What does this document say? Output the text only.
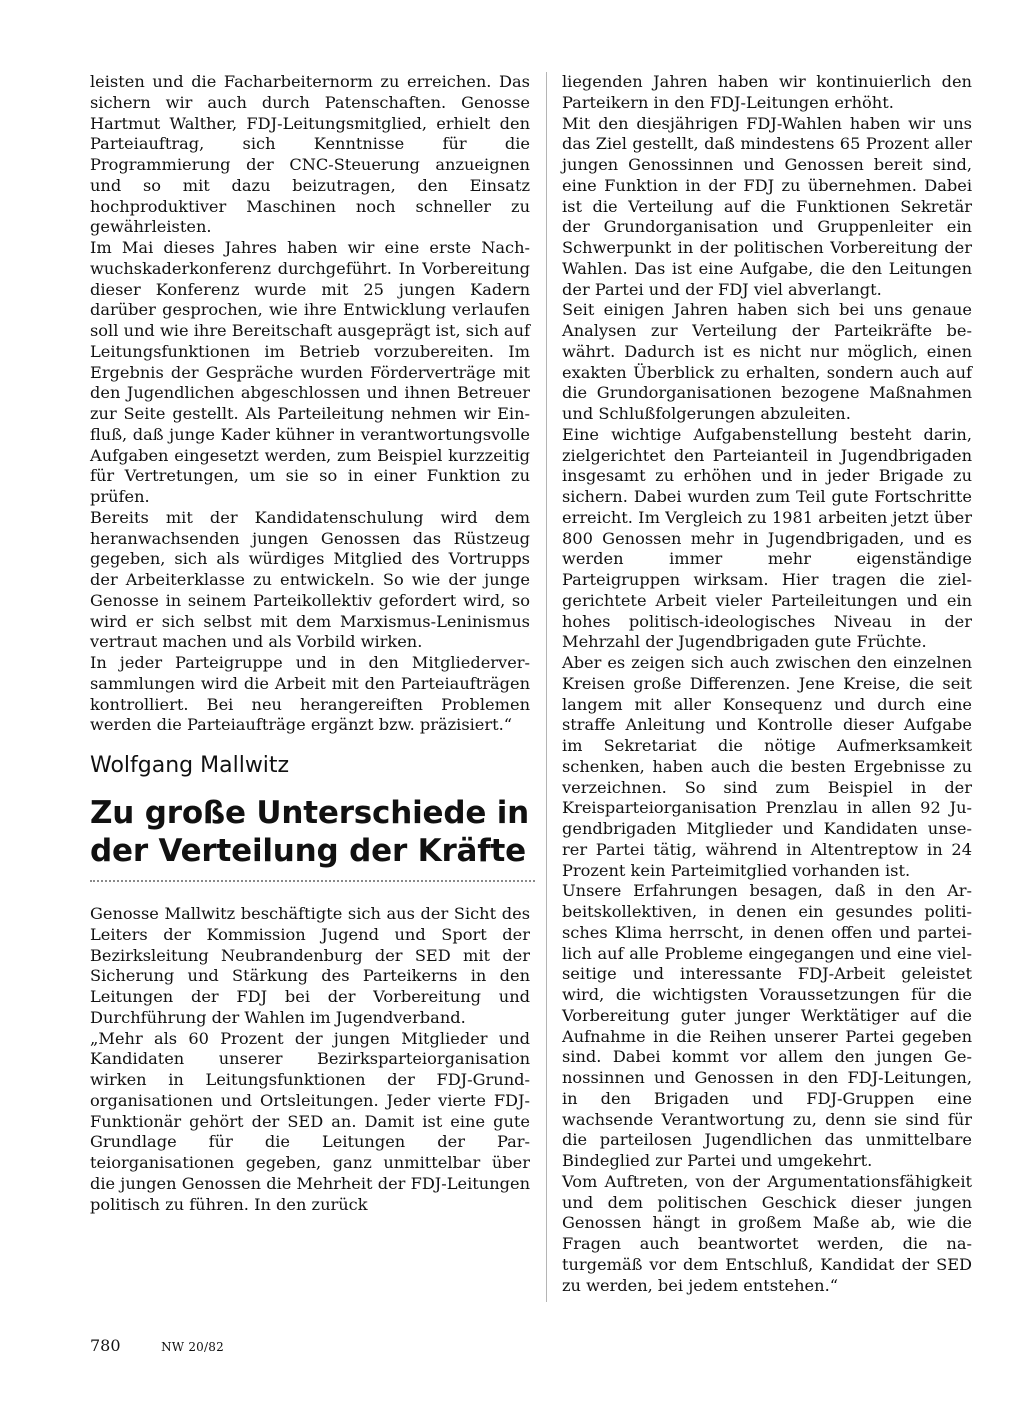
leisten und die Facharbeiternorm zu erreichen. Das sichern wir auch durch Patenschaften. Genosse Hartmut Walther, FDJ-Leitungsmitglied, erhielt den Parteiauftrag, sich Kenntnisse für die Programmierung der CNC-Steuerung anzueignen und so mit dazu beizutragen, den Einsatz hochproduktiver Maschinen noch schneller zu gewährleisten.

Im Mai dieses Jahres haben wir eine erste Nachwuchskaderkonferenz durchgeführt. In Vorbereitung dieser Konferenz wurde mit 25 jungen Kadern darüber gesprochen, wie ihre Entwicklung verlaufen soll und wie ihre Bereitschaft ausgeprägt ist, sich auf Leitungsfunktionen im Betrieb vorzubereiten. Im Ergebnis der Gespräche wurden Förderverträge mit den Jugendlichen abgeschlossen und ihnen Betreuer zur Seite gestellt. Als Parteileitung nehmen wir Einfluß, daß junge Kader kühner in verantwortungsvolle Aufgaben eingesetzt werden, zum Beispiel kurzzeitig für Vertretungen, um sie so in einer Funktion zu prüfen.

Bereits mit der Kandidatenschulung wird dem heranwachsenden jungen Genossen das Rüstzeug gegeben, sich als würdiges Mitglied des Vortrupps der Arbeiterklasse zu entwickeln. So wie der junge Genosse in seinem Parteikollektiv gefordert wird, so wird er sich selbst mit dem Marxismus-Leninismus vertraut machen und als Vorbild wirken.

In jeder Parteigruppe und in den Mitgliederversammlungen wird die Arbeit mit den Parteiaufträgen kontrolliert. Bei neu herangereiften Problemen werden die Parteiaufträge ergänzt bzw. präzisiert.“

Wolfgang Mallwitz
Zu große Unterschiede in
der Verteilung der Kräfte

Genosse Mallwitz beschäftigte sich aus der Sicht des Leiters der Kommission Jugend und Sport der Bezirksleitung Neubrandenburg der SED mit der Sicherung und Stärkung des Parteikerns in den Leitungen der FDJ bei der Vorbereitung und Durchführung der Wahlen im Jugendverband.

„Mehr als 60 Prozent der jungen Mitglieder und Kandidaten unserer Bezirksparteiorganisation wirken in Leitungsfunktionen der FDJ-Grundorganisationen und Ortsleitungen. Jeder vierte FDJ-Funktionär gehört der SED an. Damit ist eine gute Grundlage für die Leitungen der Parteiorganisationen gegeben, ganz unmittelbar über die jungen Genossen die Mehrheit der FDJ-Leitungen politisch zu führen. In den zurück

liegenden Jahren haben wir kontinuierlich den Parteikern in den FDJ-Leitungen erhöht.

Mit den diesjährigen FDJ-Wahlen haben wir uns das Ziel gestellt, daß mindestens 65 Prozent aller jungen Genossinnen und Genossen bereit sind, eine Funktion in der FDJ zu übernehmen. Dabei ist die Verteilung auf die Funktionen Sekretär der Grundorganisation und Gruppenleiter ein Schwerpunkt in der politischen Vorbereitung der Wahlen. Das ist eine Aufgabe, die den Leitungen der Partei und der FDJ viel abverlangt.

Seit einigen Jahren haben sich bei uns genaue Analysen zur Verteilung der Parteikräfte bewährt. Dadurch ist es nicht nur möglich, einen exakten Überblick zu erhalten, sondern auch auf die Grundorganisationen bezogene Maßnahmen und Schlußfolgerungen abzuleiten.

Eine wichtige Aufgabenstellung besteht darin, zielgerichtet den Parteianteil in Jugendbrigaden insgesamt zu erhöhen und in jeder Brigade zu sichern. Dabei wurden zum Teil gute Fortschritte erreicht. Im Vergleich zu 1981 arbeiten jetzt über 800 Genossen mehr in Jugendbrigaden, und es werden immer mehr eigenständige Parteigruppen wirksam. Hier tragen die zielgerichtete Arbeit vieler Parteileitungen und ein hohes politisch-ideologisches Niveau in der Mehrzahl der Jugendbrigaden gute Früchte.

Aber es zeigen sich auch zwischen den einzelnen Kreisen große Differenzen. Jene Kreise, die seit langem mit aller Konsequenz und durch eine straffe Anleitung und Kontrolle dieser Aufgabe im Sekretariat die nötige Aufmerksamkeit schenken, haben auch die besten Ergebnisse zu verzeichnen. So sind zum Beispiel in der Kreisparteiorganisation Prenzlau in allen 92 Jugendbrigaden Mitglieder und Kandidaten unserer Partei tätig, während in Altentreptow in 24 Prozent kein Parteimitglied vorhanden ist.

Unsere Erfahrungen besagen, daß in den Arbeitskollektiven, in denen ein gesundes politisches Klima herrscht, in denen offen und parteilich auf alle Probleme eingegangen und eine vielseitige und interessante FDJ-Arbeit geleistet wird, die wichtigsten Voraussetzungen für die Vorbereitung guter junger Werktätiger auf die Aufnahme in die Reihen unserer Partei gegeben sind. Dabei kommt vor allem den jungen Genossinnen und Genossen in den FDJ-Leitungen, in den Brigaden und FDJ-Gruppen eine wachsende Verantwortung zu, denn sie sind für die parteilosen Jugendlichen das unmittelbare Bindeglied zur Partei und umgekehrt.

Vom Auftreten, von der Argumentationsfähigkeit und dem politischen Geschick dieser jungen Genossen hängt in großem Maße ab, wie die Fragen auch beantwortet werden, die naturgemäß vor dem Entschluß, Kandidat der SED zu werden, bei jedem entstehen.“

780	NW 20/82
